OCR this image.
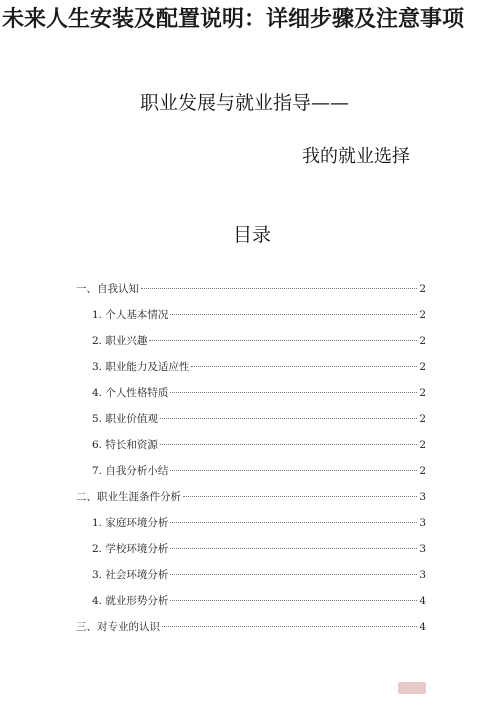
未来人生安装及配置说明：详细步骤及注意事项
职业发展与就业指导——
我的就业选择
目录
一、自我认知	2
1. 个人基本情况	2
2. 职业兴趣	2
3. 职业能力及适应性	2
4. 个人性格特质	2
5. 职业价值观	2
6. 特长和资源	2
7. 自我分析小结	2
二、职业生涯条件分析	3
1. 家庭环境分析	3
2. 学校环境分析	3
3. 社会环境分析	3
4. 就业形势分析	4
三、对专业的认识	4
